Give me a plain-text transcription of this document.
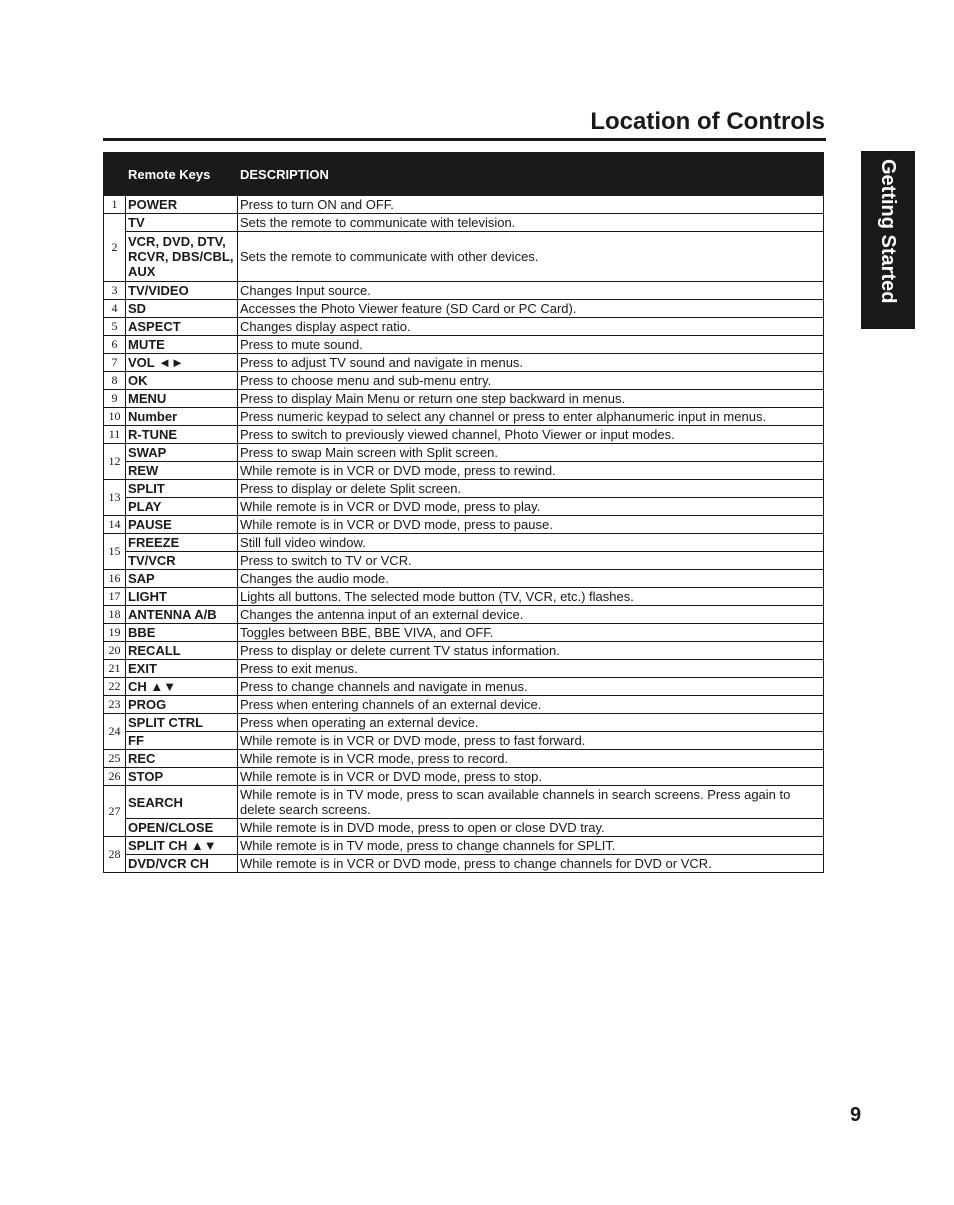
Location of Controls
Getting Started
	Remote Keys	DESCRIPTION
1	POWER	Press to turn ON and OFF.
2	TV	Sets the remote to communicate with television.
	VCR, DVD, DTV, RCVR, DBS/CBL, AUX	Sets the remote to communicate with other devices.
3	TV/VIDEO	Changes Input source.
4	SD	Accesses the Photo Viewer feature (SD Card or PC Card).
5	ASPECT	Changes display aspect ratio.
6	MUTE	Press to mute sound.
7	VOL ◄►	Press to adjust TV sound and navigate in menus.
8	OK	Press to choose menu and sub-menu entry.
9	MENU	Press to display Main Menu or return one step backward in menus.
10	Number	Press numeric keypad to select any channel or press to enter alphanumeric input in menus.
11	R-TUNE	Press to switch to previously viewed channel, Photo Viewer or input modes.
12	SWAP	Press to swap Main screen with Split screen.
	REW	While remote is in VCR or DVD mode, press to rewind.
13	SPLIT	Press to display or delete Split screen.
	PLAY	While remote is in VCR or DVD mode, press to play.
14	PAUSE	While remote is in VCR or DVD mode, press to pause.
15	FREEZE	Still full video window.
	TV/VCR	Press to switch to TV or VCR.
16	SAP	Changes the audio mode.
17	LIGHT	Lights all buttons. The selected mode button (TV, VCR, etc.) flashes.
18	ANTENNA A/B	Changes the antenna input of an external device.
19	BBE	Toggles between BBE, BBE VIVA, and OFF.
20	RECALL	Press to display or delete current TV status information.
21	EXIT	Press to exit menus.
22	CH ▲▼	Press to change channels and navigate in menus.
23	PROG	Press when entering channels of an external device.
24	SPLIT CTRL	Press when operating an external device.
	FF	While remote is in VCR or DVD mode, press to fast forward.
25	REC	While remote is in VCR mode, press to record.
26	STOP	While remote is in VCR or DVD mode, press to stop.
27	SEARCH	While remote is in TV mode, press to scan available channels in search screens. Press again to delete search screens.
	OPEN/CLOSE	While remote is in DVD mode, press to open or close DVD tray.
28	SPLIT CH ▲▼	While remote is in TV mode, press to change channels for SPLIT.
	DVD/VCR CH	While remote is in VCR or DVD mode, press to change channels for DVD or VCR.

9
